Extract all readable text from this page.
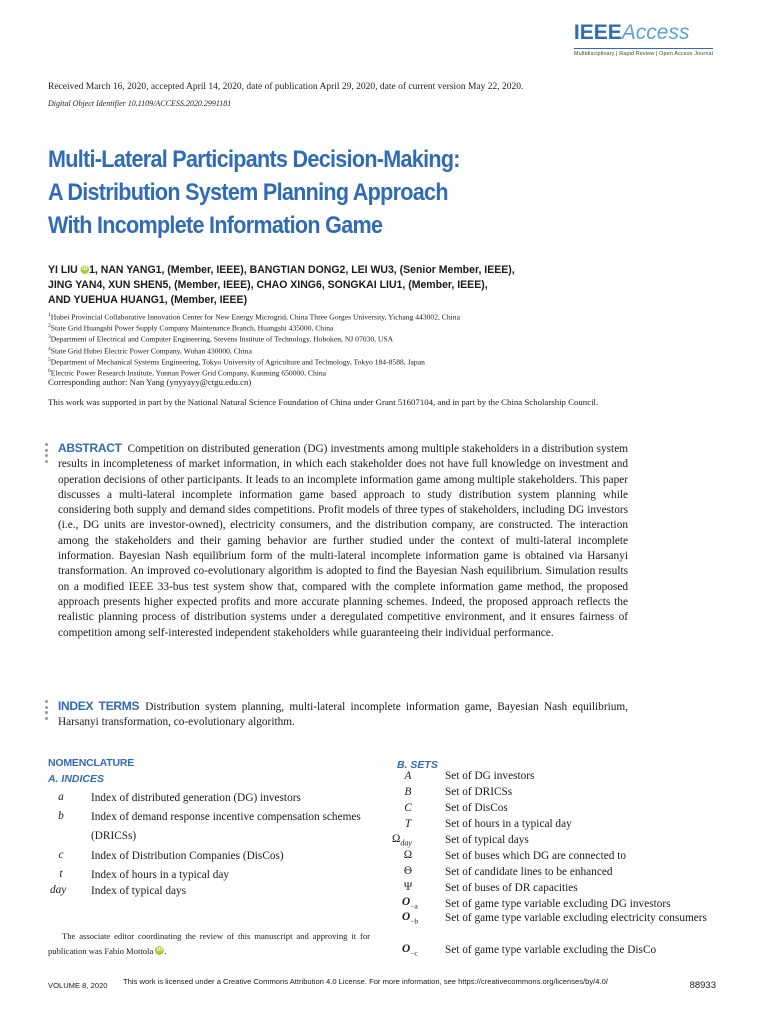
IEEEAccess
Multidisciplinary | Rapid Review | Open Access Journal
Received March 16, 2020, accepted April 14, 2020, date of publication April 29, 2020, date of current version May 22, 2020.
Digital Object Identifier 10.1109/ACCESS.2020.2991181
Multi-Lateral Participants Decision-Making:
A Distribution System Planning Approach
With Incomplete Information Game
YI LIU iD1, NAN YANG1, (Member, IEEE), BANGTIAN DONG2, LEI WU3, (Senior Member, IEEE),
JING YAN4, XUN SHEN5, (Member, IEEE), CHAO XING6, SONGKAI LIU1, (Member, IEEE),
AND YUEHUA HUANG1, (Member, IEEE)
$^1$Hubei Provincial Collaborative Innovation Center for New Energy Microgrid, China Three Gorges University, Yichang 443002, China
$^2$State Grid Huangshi Power Supply Company Maintenance Branch, Huangshi 435000, China
$^3$Department of Electrical and Computer Engineering, Stevens Institute of Technology, Hoboken, NJ 07030, USA
$^4$State Grid Hubei Electric Power Company, Wuhan 430000, China
$^5$Department of Mechanical Systems Engineering, Tokyo University of Agriculture and Technology, Tokyo 184-8588, Japan
$^6$Electric Power Research Institute, Yunnan Power Grid Company, Kunming 650000, China
Corresponding author: Nan Yang (ynyyayy@ctgu.edu.cn)
This work was supported in part by the National Natural Science Foundation of China under Grant 51607104, and in part by the China Scholarship Council.
ABSTRACT Competition on distributed generation (DG) investments among multiple stakeholders in a distribution system results in incompleteness of market information, in which each stakeholder does not have full knowledge on investment and operation decisions of other participants. It leads to an incomplete information game among multiple stakeholders. This paper discusses a multi-lateral incomplete information game based approach to study distribution system planning while considering both supply and demand sides competitions. Profit models of three types of stakeholders, including DG investors (i.e., DG units are investor-owned), electricity consumers, and the distribution company, are constructed. The interaction among the stakeholders and their gaming behavior are further studied under the context of multi-lateral incomplete information. Bayesian Nash equilibrium form of the multi-lateral incomplete information game is obtained via Harsanyi transformation. An improved co-evolutionary algorithm is adopted to find the Bayesian Nash equilibrium. Simulation results on a modified IEEE 33-bus test system show that, compared with the complete information game method, the proposed approach presents higher expected profits and more accurate planning schemes. Indeed, the proposed approach reflects the realistic planning process of distribution systems under a deregulated competitive environment, and it ensures fairness of competition among self-interested independent stakeholders while guaranteeing their individual performance.
INDEX TERMS Distribution system planning, multi-lateral incomplete information game, Bayesian Nash equilibrium, Harsanyi transformation, co-evolutionary algorithm.
NOMENCLATURE
A. INDICES
a	Index of distributed generation (DG) investors
b	Index of demand response incentive compensation schemes (DRICSs)
c	Index of Distribution Companies (DisCos)
t	Index of hours in a typical day
day	Index of typical days
B. SETS
A	Set of DG investors
B	Set of DRICSs
C	Set of DisCos
T	Set of hours in a typical day
$\Omega_{day}$	Set of typical days
Ω	Set of buses which DG are connected to
Θ	Set of candidate lines to be enhanced
Ψ	Set of buses of DR capacities
$O_{-a}$	Set of game type variable excluding DG investors
$O_{-b}$	Set of game type variable excluding electricity consumers
$O_{-c}$	Set of game type variable excluding the DisCo
The associate editor coordinating the review of this manuscript and approving it for publication was Fabio Mottola iD .
VOLUME 8, 2020 This work is licensed under a Creative Commons Attribution 4.0 License. For more information, see https://creativecommons.org/licenses/by/4.0/	88933
